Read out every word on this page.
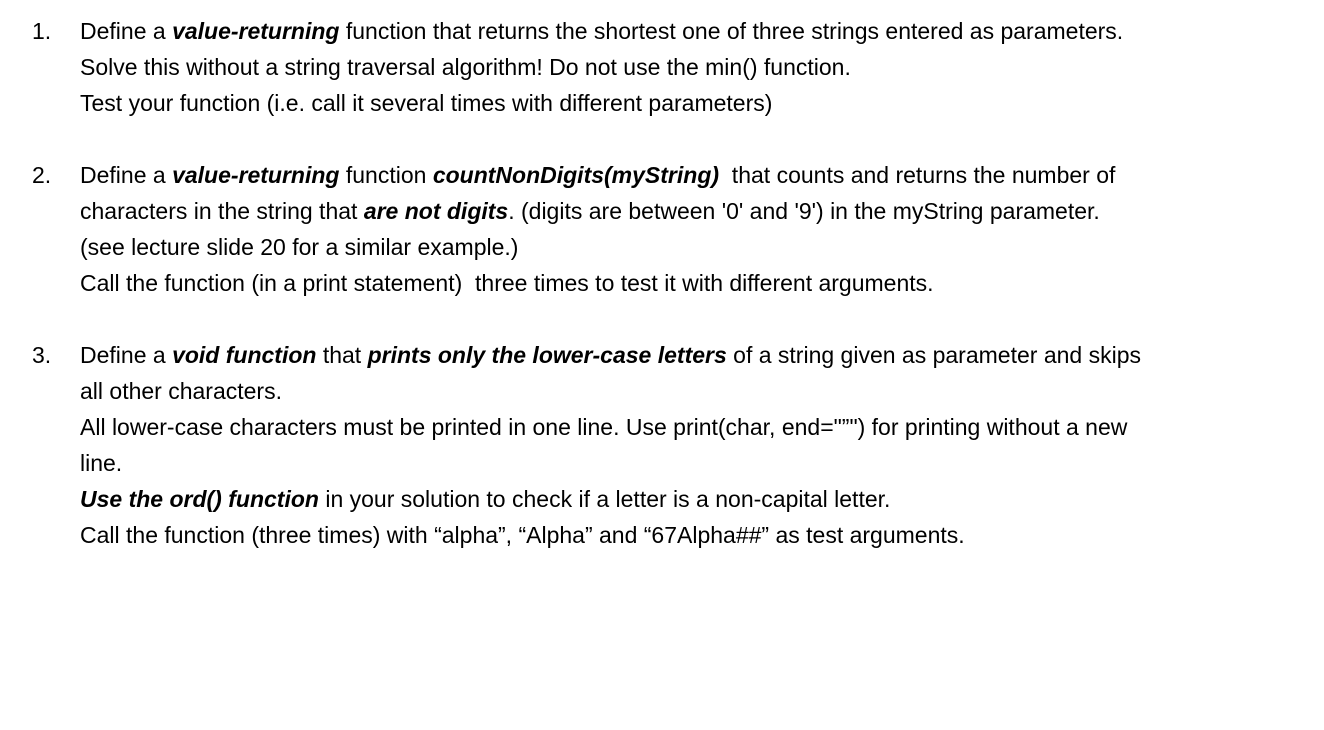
1. Define a value-returning function that returns the shortest one of three strings entered as parameters.
Solve this without a string traversal algorithm! Do not use the min() function.
Test your function (i.e. call it several times with different parameters)
2. Define a value-returning function countNonDigits(myString)  that counts and returns the number of
characters in the string that are not digits. (digits are between '0' and '9') in the myString parameter.
(see lecture slide 20 for a similar example.)
Call the function (in a print statement)  three times to test it with different arguments.
3. Define a void function that prints only the lower-case letters of a string given as parameter and skips
all other characters.
All lower-case characters must be printed in one line. Use print(char, end="”") for printing without a new
line.
Use the ord() function in your solution to check if a letter is a non-capital letter.
Call the function (three times) with “alpha”, “Alpha” and “67Alpha##” as test arguments.
